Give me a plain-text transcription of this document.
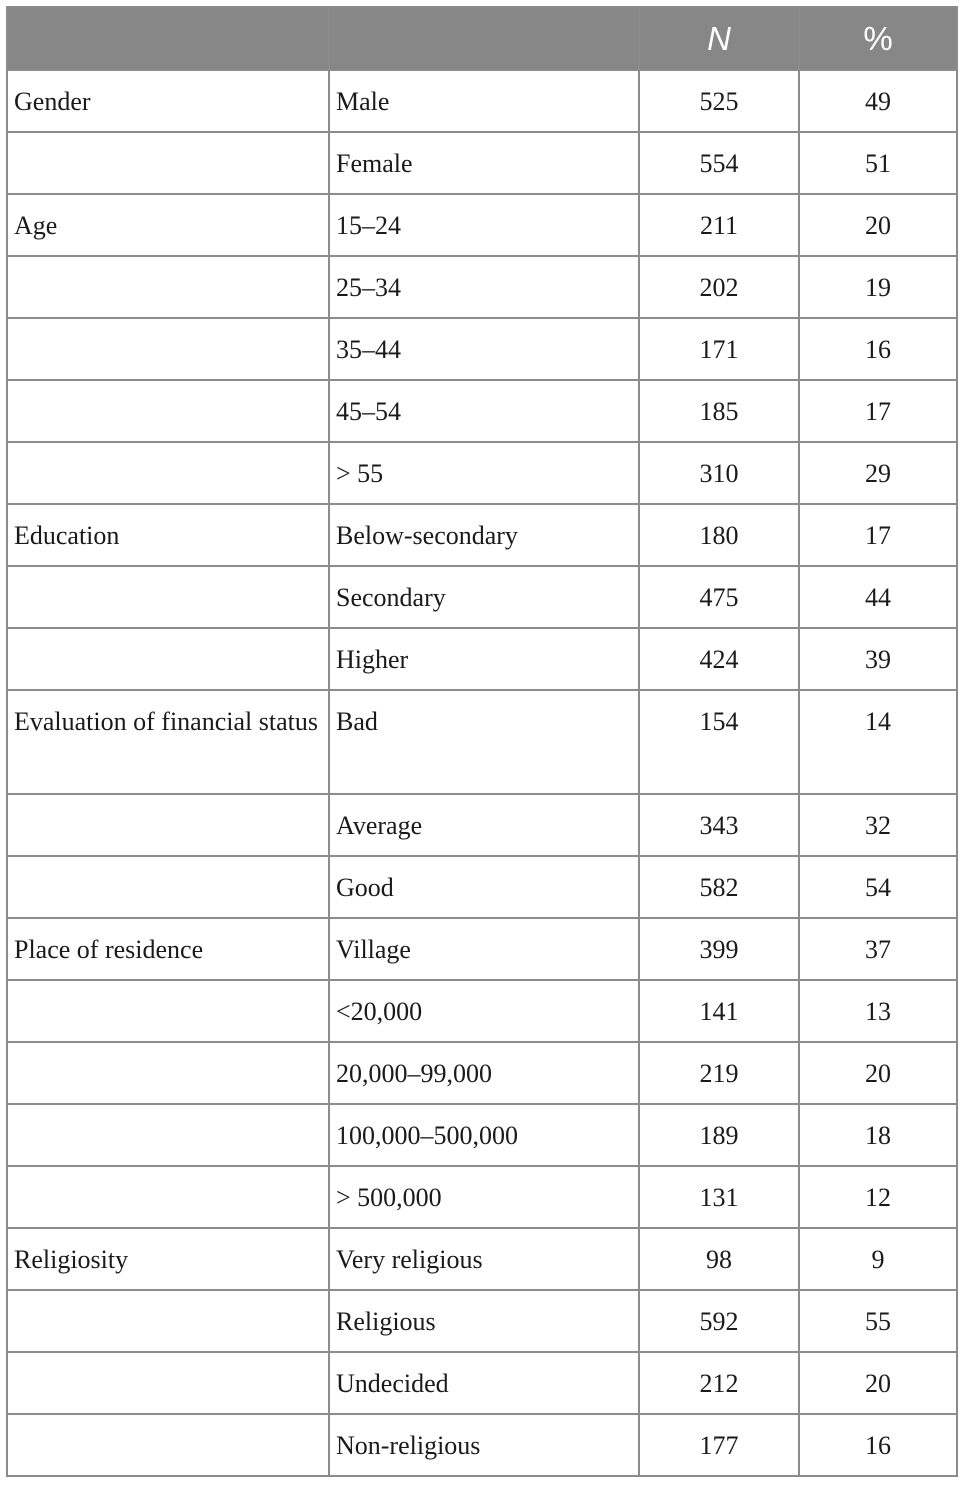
		N	%
Gender	Male	525	49
	Female	554	51
Age	15–24	211	20
	25–34	202	19
	35–44	171	16
	45–54	185	17
	> 55	310	29
Education	Below-secondary	180	17
	Secondary	475	44
	Higher	424	39
Evaluation of financial status	Bad	154	14
	Average	343	32
	Good	582	54
Place of residence	Village	399	37
	<20,000	141	13
	20,000–99,000	219	20
	100,000–500,000	189	18
	> 500,000	131	12
Religiosity	Very religious	98	9
	Religious	592	55
	Undecided	212	20
	Non-religious	177	16
